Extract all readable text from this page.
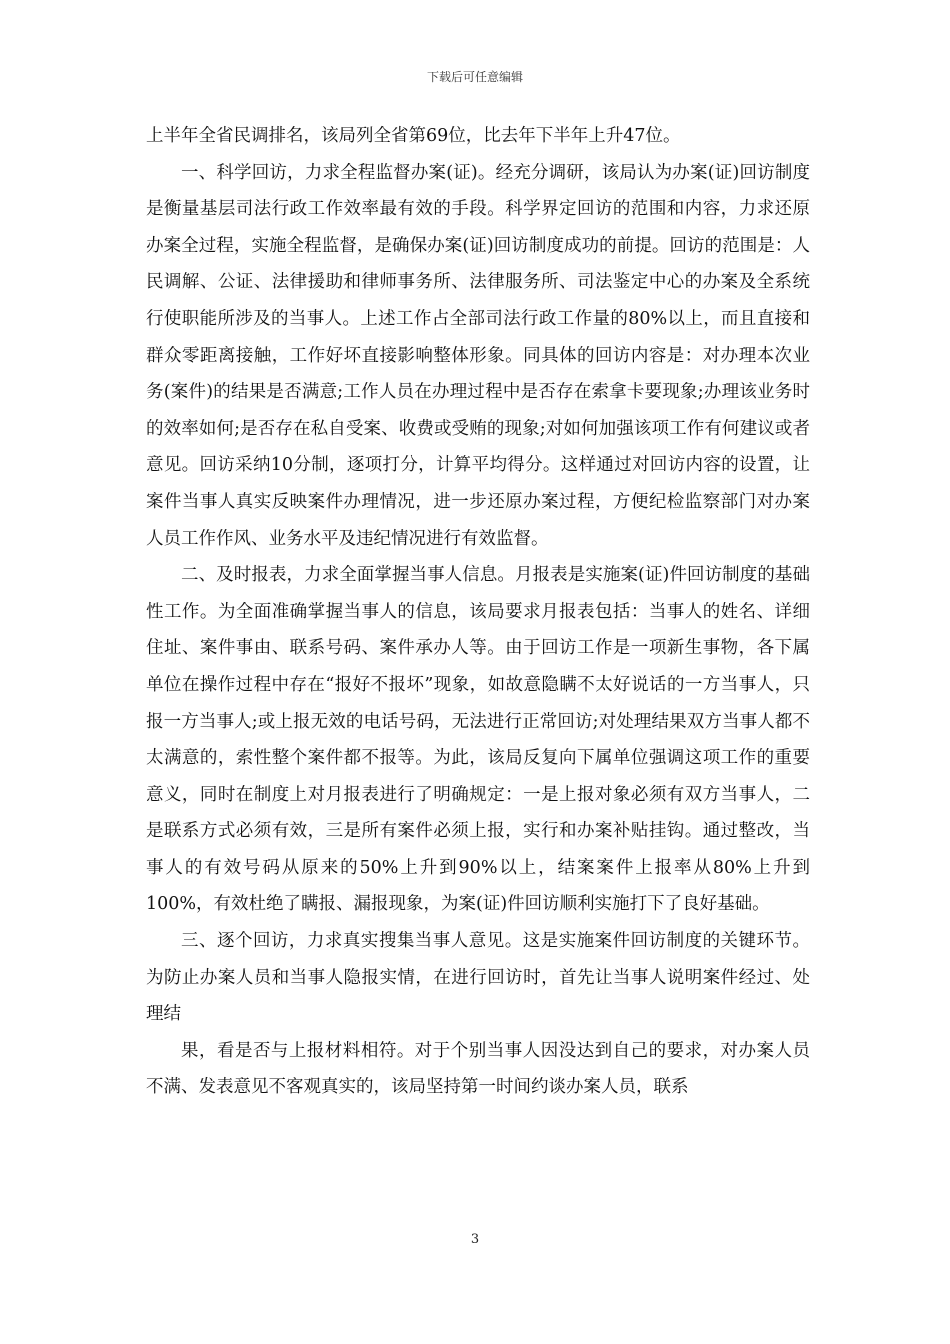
下载后可任意编辑

上半年全省民调排名，该局列全省第69位，比去年下半年上升47位。

一、科学回访，力求全程监督办案(证)。经充分调研，该局认为办案(证)回访制度是衡量基层司法行政工作效率最有效的手段。科学界定回访的范围和内容，力求还原办案全过程，实施全程监督，是确保办案(证)回访制度成功的前提。回访的范围是：人民调解、公证、法律援助和律师事务所、法律服务所、司法鉴定中心的办案及全系统行使职能所涉及的当事人。上述工作占全部司法行政工作量的80%以上，而且直接和群众零距离接触，工作好坏直接影响整体形象。同具体的回访内容是：对办理本次业务(案件)的结果是否满意;工作人员在办理过程中是否存在索拿卡要现象;办理该业务时的效率如何;是否存在私自受案、收费或受贿的现象;对如何加强该项工作有何建议或者意见。回访采纳10分制，逐项打分，计算平均得分。这样通过对回访内容的设置，让案件当事人真实反映案件办理情况，进一步还原办案过程，方便纪检监察部门对办案人员工作作风、业务水平及违纪情况进行有效监督。

二、及时报表，力求全面掌握当事人信息。月报表是实施案(证)件回访制度的基础性工作。为全面准确掌握当事人的信息，该局要求月报表包括：当事人的姓名、详细住址、案件事由、联系号码、案件承办人等。由于回访工作是一项新生事物，各下属单位在操作过程中存在“报好不报坏”现象，如故意隐瞒不太好说话的一方当事人，只报一方当事人;或上报无效的电话号码，无法进行正常回访;对处理结果双方当事人都不太满意的，索性整个案件都不报等。为此，该局反复向下属单位强调这项工作的重要意义，同时在制度上对月报表进行了明确规定：一是上报对象必须有双方当事人，二是联系方式必须有效，三是所有案件必须上报，实行和办案补贴挂钩。通过整改，当事人的有效号码从原来的50%上升到90%以上，结案案件上报率从80%上升到100%，有效杜绝了瞒报、漏报现象，为案(证)件回访顺利实施打下了良好基础。

三、逐个回访，力求真实搜集当事人意见。这是实施案件回访制度的关键环节。为防止办案人员和当事人隐报实情，在进行回访时，首先让当事人说明案件经过、处理结

果，看是否与上报材料相符。对于个别当事人因没达到自己的要求，对办案人员不满、发表意见不客观真实的，该局坚持第一时间约谈办案人员，联系

3
